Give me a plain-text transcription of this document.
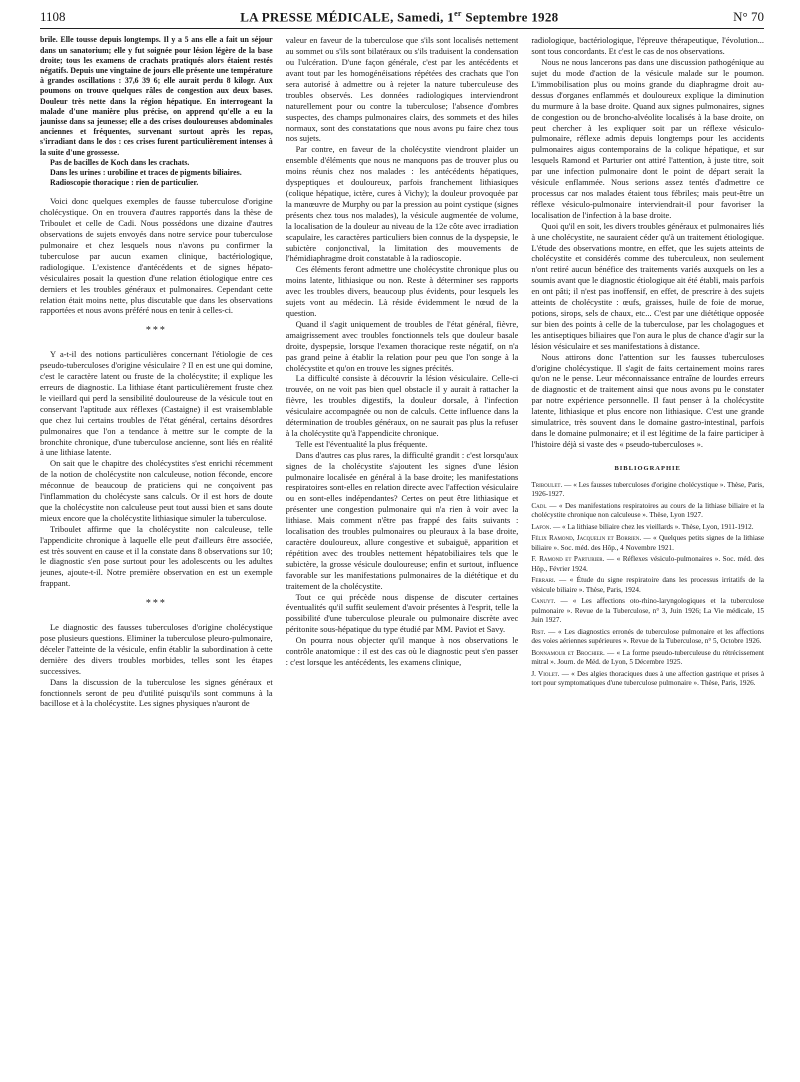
1108	LA PRESSE MÉDICALE, Samedi, 1er Septembre 1928	N° 70

brile. Elle tousse depuis longtemps. Il y a 5 ans elle a fait un séjour dans un sanatorium; elle y fut soignée pour lésion légère de la base droite; tous les examens de crachats pratiqués alors étaient restés négatifs. Depuis une vingtaine de jours elle présente une température à grandes oscillations : 37,6 39 6; elle aurait perdu 8 kilogr. Aux poumons on trouve quelques râles de congestion aux deux bases. Douleur très nette dans la région hépatique. En interrogeant la malade d'une manière plus précise, on apprend qu'elle a eu la jaunisse dans sa jeunesse; elle a des crises douloureuses abdominales anciennes et fréquentes, survenant surtout après les repas, s'irradiant dans le dos : ces crises furent particulièrement intenses à la suite d'une grossesse.

Pas de bacilles de Koch dans les crachats.

Dans les urines : urobiline et traces de pigments biliaires.

Radioscopie thoracique : rien de particulier.

Voici donc quelques exemples de fausse tuberculose d'origine cholécystique. On en trouvera d'autres rapportés dans la thèse de Triboulet et celle de Cadi. Nous possédons une dizaine d'autres observations de sujets envoyés dans notre service pour tuberculose pulmonaire et chez lesquels nous n'avons pu confirmer la tuberculose par aucun examen clinique, bactériologique, radiologique. L'existence d'antécédents et de signes hépato-vésiculaires posait la question d'une relation étiologique entre ces derniers et les troubles généraux et pulmonaires. Cependant cette relation était moins nette, plus discutable que dans les observations rapportées et nous avons préféré nous en tenir à celles-ci.

***

Y a-t-il des notions particulières concernant l'étiologie de ces pseudo-tuberculoses d'origine vésiculaire ? Il en est une qui domine, c'est le caractère latent ou fruste de la cholécystite; il explique les erreurs de diagnostic. La lithiase étant particulièrement fruste chez le vieillard qui perd la sensibilité douloureuse de la vésicule tout en conservant l'aptitude aux réflexes (Castaigne) il est vraisemblable que chez lui certains troubles de l'état général, certains désordres pulmonaires que l'on a tendance à mettre sur le compte de la bronchite chronique, d'une tuberculose ancienne, sont liés en réalité à une lithiase latente.

On sait que le chapitre des cholécystites s'est enrichi récemment de la notion de cholécystite non calculeuse, notion féconde, encore méconnue de beaucoup de praticiens qui ne conçoivent pas l'inflammation du cholécyste sans calculs. Or il est hors de doute que la cholécystite non calculeuse peut tout aussi bien et sans doute mieux encore que la cholécystite lithiasique simuler la tuberculose.

Triboulet affirme que la cholécystite non calculeuse, telle l'appendicite chronique à laquelle elle peut d'ailleurs être associée, est très souvent en cause et il la constate dans 8 observations sur 10; le diagnostic s'en pose surtout pour les adolescents ou les adultes jeunes, ajoute-t-il. Notre première observation en est un exemple frappant.

***

Le diagnostic des fausses tuberculoses d'origine cholécystique pose plusieurs questions. Eliminer la tuberculose pleuro-pulmonaire, déceler l'atteinte de la vésicule, enfin établir la subordination à cette dernière des divers troubles morbides, telles sont les étapes successives.

Dans la discussion de la tuberculose les signes généraux et fonctionnels seront de peu d'utilité puisqu'ils sont communs à la bacillose et à la cholécystite. Les signes physiques n'auront de

valeur en faveur de la tuberculose que s'ils sont localisés nettement au sommet ou s'ils sont bilatéraux ou s'ils traduisent la condensation ou l'ulcération. D'une façon générale, c'est par les antécédents et avant tout par les homogénéisations répétées des crachats que l'on sera autorisé à admettre ou à rejeter la nature tuberculeuse des troubles observés. Les données radiologiques interviendront naturellement pour ou contre la tuberculose; l'absence d'ombres suspectes, des champs pulmonaires clairs, des sommets et des hiles normaux, sont des constatations que nous avons pu faire chez tous nos sujets.

Par contre, en faveur de la cholécystite viendront plaider un ensemble d'éléments que nous ne manquons pas de trouver plus ou moins réunis chez nos malades : les antécédents hépatiques, dyspeptiques et douloureux, parfois franchement lithiasiques (colique hépatique, ictère, cures à Vichy); la douleur provoquée par la manœuvre de Murphy ou par la pression au point cystique (signes présents chez tous nos malades), la vésicule augmentée de volume, la localisation de la douleur au niveau de la 12e côte avec irradiation scapulaire, les caractères particuliers bien connus de la dyspepsie, le subictère conjonctival, la limitation des mouvements de l'hémidiaphragme droit constatable à la radioscopie.

Ces éléments feront admettre une cholécystite chronique plus ou moins latente, lithiasique ou non. Reste à déterminer ses rapports avec les troubles divers, beaucoup plus évidents, pour lesquels les sujets vont au médecin. Là réside évidemment le nœud de la question.

Quand il s'agit uniquement de troubles de l'état général, fièvre, amaigrissement avec troubles fonctionnels tels que douleur basale droite, dyspepsie, lorsque l'examen thoracique reste négatif, on n'a pas grand peine à établir la relation pour peu que l'on songe à la cholécystite et qu'on en trouve les signes précités.

La difficulté consiste à découvrir la lésion vésiculaire. Celle-ci trouvée, on ne voit pas bien quel obstacle il y aurait à rattacher la fièvre, les troubles digestifs, la douleur dorsale, à l'infection vésiculaire accompagnée ou non de calculs. Cette influence dans la détermination de troubles généraux, on ne saurait pas plus la refuser à la cholécystite qu'à l'appendicite chronique.

Telle est l'éventualité la plus fréquente.

Dans d'autres cas plus rares, la difficulté grandit : c'est lorsqu'aux signes de la cholécystite s'ajoutent les signes d'une lésion pulmonaire localisée en général à la base droite; les manifestations respiratoires sont-elles en relation directe avec l'affection vésiculaire ou en sont-elles indépendantes? Certes on peut être lithiasique et présenter une congestion pulmonaire qui n'a rien à voir avec la lithiase. Mais comment n'être pas frappé des faits suivants : localisation des troubles pulmonaires ou pleuraux à la base droite, caractère douloureux, allure congestive et subaiguë, apparition et répétition avec des troubles nettement hépatobiliaires tels que le subictère, la grosse vésicule douloureuse; enfin et surtout, influence favorable sur les manifestations pulmonaires de la diététique et du traitement de la cholécystite.

Tout ce qui précède nous dispense de discuter certaines éventualités qu'il suffit seulement d'avoir présentes à l'esprit, telle la possibilité d'une tuberculose pleurale ou pulmonaire discrète avec péritonite sous-hépatique du type étudié par MM. Paviot et Savy.

On pourra nous objecter qu'il manque à nos observations le contrôle anatomique : il est des cas où le diagnostic peut s'en passer : c'est lorsque les antécédents, les examens clinique,

radiologique, bactériologique, l'épreuve thérapeutique, l'évolution... sont tous concordants. Et c'est le cas de nos observations.

Nous ne nous lancerons pas dans une discussion pathogénique au sujet du mode d'action de la vésicule malade sur le poumon. L'immobilisation plus ou moins grande du diaphragme droit au-dessus d'organes enflammés et douloureux explique la diminution du murmure à la base droite. Quand aux signes pulmonaires, signes de congestion ou de broncho-alvéolite localisés à la base droite, on peut chercher à les expliquer soit par un réflexe vésiculo-pulmonaire, réflexe admis depuis longtemps pour les accidents pulmonaires aigus contemporains de la colique hépatique, et sur lesquels Ramond et Parturier ont attiré l'attention, à juste titre, soit par une infection pulmonaire dont le point de départ serait la vésicule enflammée. Nous serions assez tentés d'admettre ce processus car nos malades étaient tous fébriles; mais peut-être un réflexe vésiculo-pulmonaire interviendrait-il pour favoriser la localisation de l'infection à la base droite.

Quoi qu'il en soit, les divers troubles généraux et pulmonaires liés à une cholécystite, ne sauraient céder qu'à un traitement étiologique. L'étude des observations montre, en effet, que les sujets atteints de cholécystite et considérés comme des tuberculeux, non seulement n'ont retiré aucun bénéfice des traitements variés auxquels on les a soumis avant que le diagnostic étiologique ait été établi, mais parfois en ont pâti; il n'est pas inoffensif, en effet, de prescrire à des sujets atteints de cholécystite : œufs, graisses, huile de foie de morue, potions, sirops, sels de chaux, etc... C'est par une diététique opposée sur bien des points à celle de la tuberculose, par les cholagogues et les antiseptiques biliaires que l'on aura le plus de chance d'agir sur la lésion vésiculaire et ses manifestations à distance.

Nous attirons donc l'attention sur les fausses tuberculoses d'origine cholécystique. Il s'agit de faits certainement moins rares qu'on ne le pense. Leur méconnaissance entraîne de lourdes erreurs de diagnostic et de traitement ainsi que nous avons pu le constater par notre expérience personnelle. Il faut penser à la cholécystite latente, lithiasique et plus encore non lithiasique. C'est une grande simulatrice, très souvent dans le domaine gastro-intestinal, parfois dans le domaine pulmonaire; et il est légitime de la faire participer à l'histoire déjà si vaste des « pseudo-tuberculoses ».

BIBLIOGRAPHIE

Triboulet. — « Les fausses tuberculoses d'origine cholécystique ». Thèse, Paris, 1926-1927.

Cadi. — « Des manifestations respiratoires au cours de la lithiase biliaire et la cholécystite chronique non calculeuse ». Thèse, Lyon 1927.

Lafon. — « La lithiase biliaire chez les vieillards ». Thèse, Lyon, 1911-1912.

Félix Ramond, Jacquelin et Borrien. — « Quelques petits signes de la lithiase biliaire ». Soc. méd. des Hôp., 4 Novembre 1921.

F. Ramond et Parturier. — « Réflexes vésiculo-pulmonaires ». Soc. méd. des Hôp., Février 1924.

Ferrari. — « Étude du signe respiratoire dans les processus irritatifs de la vésicule biliaire ». Thèse, Paris, 1924.

Canuyt. — « Les affections oto-rhino-laryngologiques et la tuberculose pulmonaire ». Revue de la Tuberculose, n° 3, Juin 1926; La Vie médicale, 15 Juin 1927.

Rist. — « Les diagnostics erronés de tuberculose pulmonaire et les affections des voies aériennes supérieures ». Revue de la Tuberculose, n° 5, Octobre 1926.

Bonnamour et Brochier. — « La forme pseudo-tuberculeuse du rétrécissement mitral ». Journ. de Méd. de Lyon, 5 Décembre 1925.

J. Violet. — « Des algies thoraciques dues à une affection gastrique et prises à tort pour symptomatiques d'une tuberculose pulmonaire ». Thèse, Paris, 1926.
